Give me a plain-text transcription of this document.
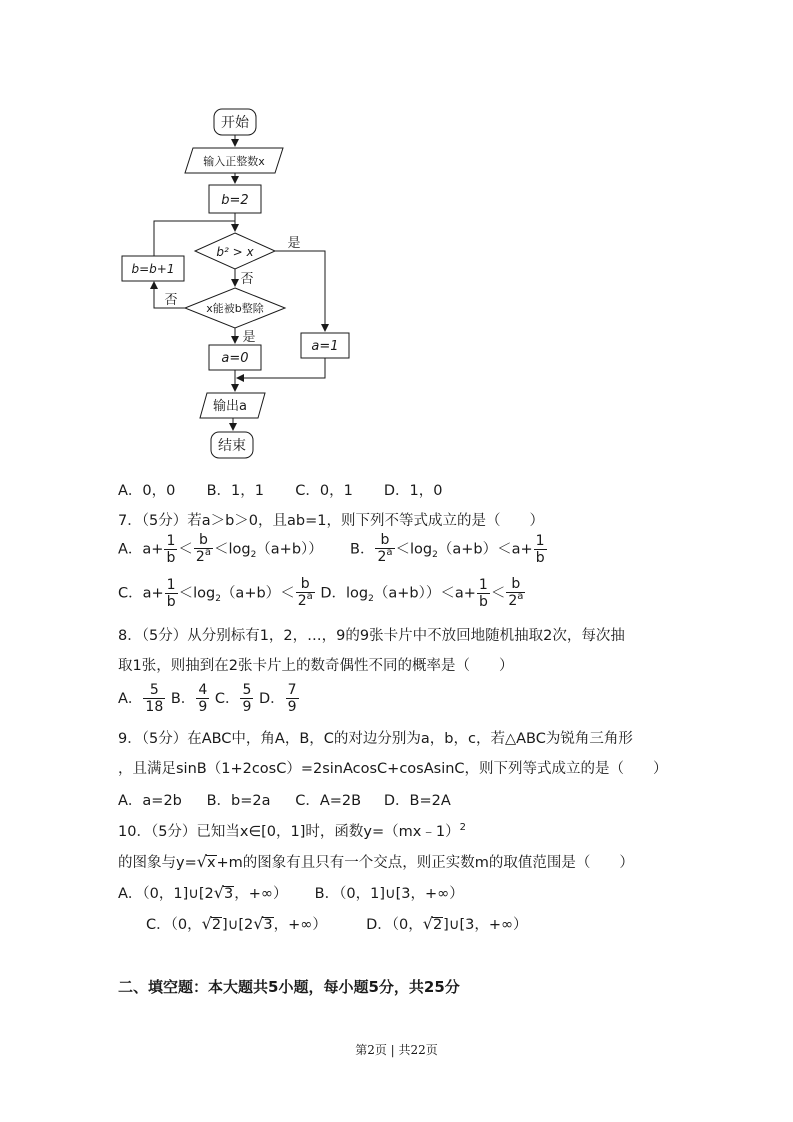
开始
输入正整数x
b=2
b² > x
是
否
b=b+1
x能被b整除
否
是
a=0
a=1
输出a
结束
A．0，0 B．1，1 C．0，1 D．1，0
7．（5分）若a＞b＞0，且ab=1，则下列不等式成立的是（　　）
A．$a+ \frac{1}{b} < \frac{b}{2^a} <\log_2(a+b)$） B． $\frac{b}{2^a} <\log_2(a+b)<a+ \frac{1}{b}$
C．$a+ \frac{1}{b} <\log_2(a+b)< \frac{b}{2^a}$ D．$\log_2(a+b))<a+ \frac{1}{b} < \frac{b}{2^a}$
8．（5分）从分别标有1，2，…，9的9张卡片中不放回地随机抽取2次，每次抽
取1张，则抽到在2张卡片上的数奇偶性不同的概率是（　　）
A． $\frac{5}{18}$ B． $\frac{4}{9}$ C． $\frac{5}{9}$ D． $\frac{7}{9}$
9．（5分）在ABC中，角A，B，C的对边分别为a，b，c，若△ABC为锐角三角形
，且满足sinB（1+2cosC）=2sinAcosC+cosAsinC，则下列等式成立的是（　　）
A．a=2b B．b=2a C．A=2B D．B=2A
10．（5分）已知当x∈[0，1]时，函数y=（mx﹣1）$^2$
的图象与y=√x+m的图象有且只有一个交点，则正实数m的取值范围是（　　）
A．（0，1]∪[2√3，+∞） B．（0，1]∪[3，+∞）
C．（0，√2]∪[2√3，+∞）	D．（0，√2]∪[3，+∞）
二、填空题：本大题共5小题，每小题5分，共25分
第2页 | 共22页
